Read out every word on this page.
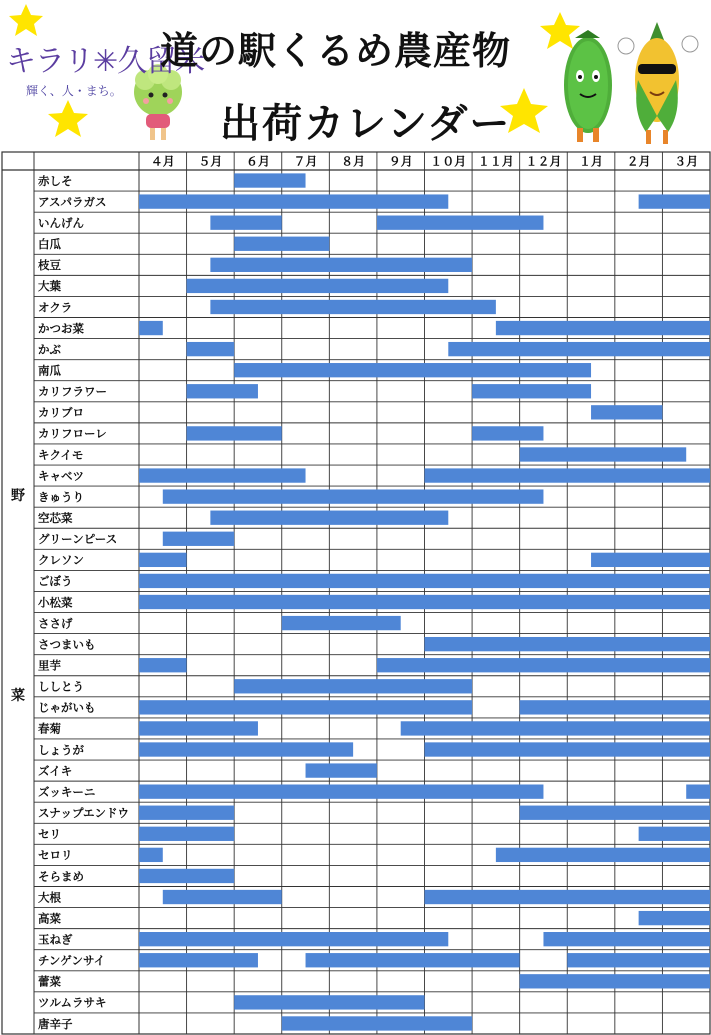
キラリ✳久留米
輝く、人・まち。
道の駅くるめ農産物
出荷カレンダー
４月 ５月 ６月 ７月 ８月 ９月 １０月 １１月 １２月 １月 ２月 ３月
野
菜
赤しそ
アスパラガス
いんげん
白瓜
枝豆
大葉
オクラ
かつお菜
かぶ
南瓜
カリフラワー
カリブロ
カリフローレ
キクイモ
キャベツ
きゅうり
空芯菜
グリーンピース
クレソン
ごぼう
小松菜
ささげ
さつまいも
里芋
ししとう
じゃがいも
春菊
しょうが
ズイキ
ズッキーニ
スナップエンドウ
セリ
セロリ
そらまめ
大根
高菜
玉ねぎ
チンゲンサイ
蕾菜
ツルムラサキ
唐辛子
